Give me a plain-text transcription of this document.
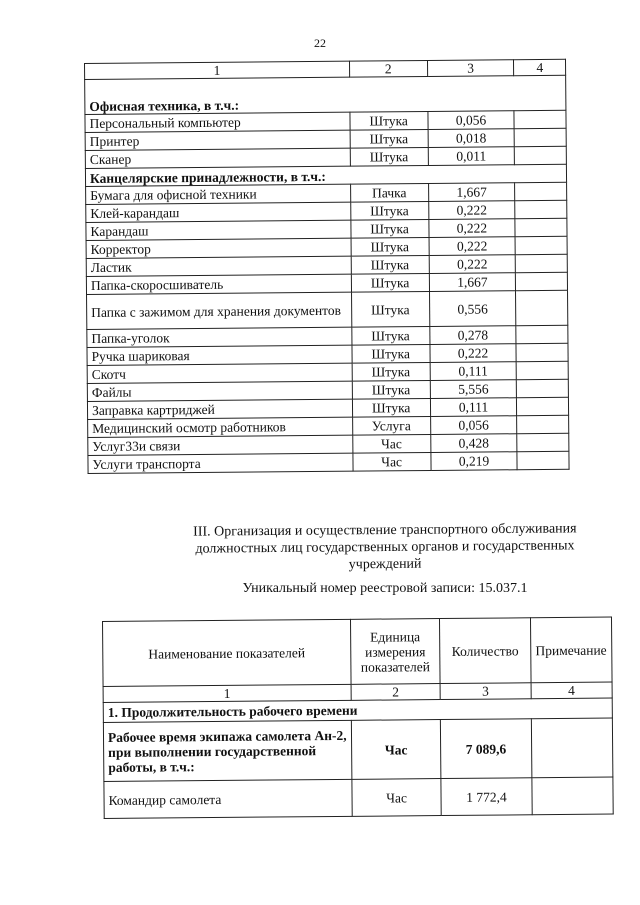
22
1	2	3	4
Офисная техника, в т.ч.:			
Персональный компьютер	Штука	0,056	
Принтер	Штука	0,018	
Сканер	Штука	0,011	
Канцелярские принадлежности, в т.ч.:			
Бумага для офисной техники	Пачка	1,667	
Клей-карандаш	Штука	0,222	
Карандаш	Штука	0,222	
Корректор	Штука	0,222	
Ластик	Штука	0,222	
Папка-скоросшиватель	Штука	1,667	
Папка с зажимом для хранения документов	Штука	0,556	
Папка-уголок	Штука	0,278	
Ручка шариковая	Штука	0,222	
Скотч	Штука	0,111	
Файлы	Штука	5,556	
Заправка картриджей	Штука	0,111	
Медицинский осмотр работников	Услуга	0,056	
Услуг33и связи	Час	0,428	
Услуги транспорта	Час	0,219	
III. Организация и осуществление транспортного обслуживания должностных лиц государственных органов и государственных учреждений
Уникальный номер реестровой записи: 15.037.1
Наименование показателей	Единица измерения показателей	Количество	Примечание
1	2	3	4
1. Продолжительность рабочего времени			
Рабочее время экипажа самолета Ан-2, при выполнении государственной работы, в т.ч.:	Час	7 089,6	
Командир самолета	Час	1 772,4	
